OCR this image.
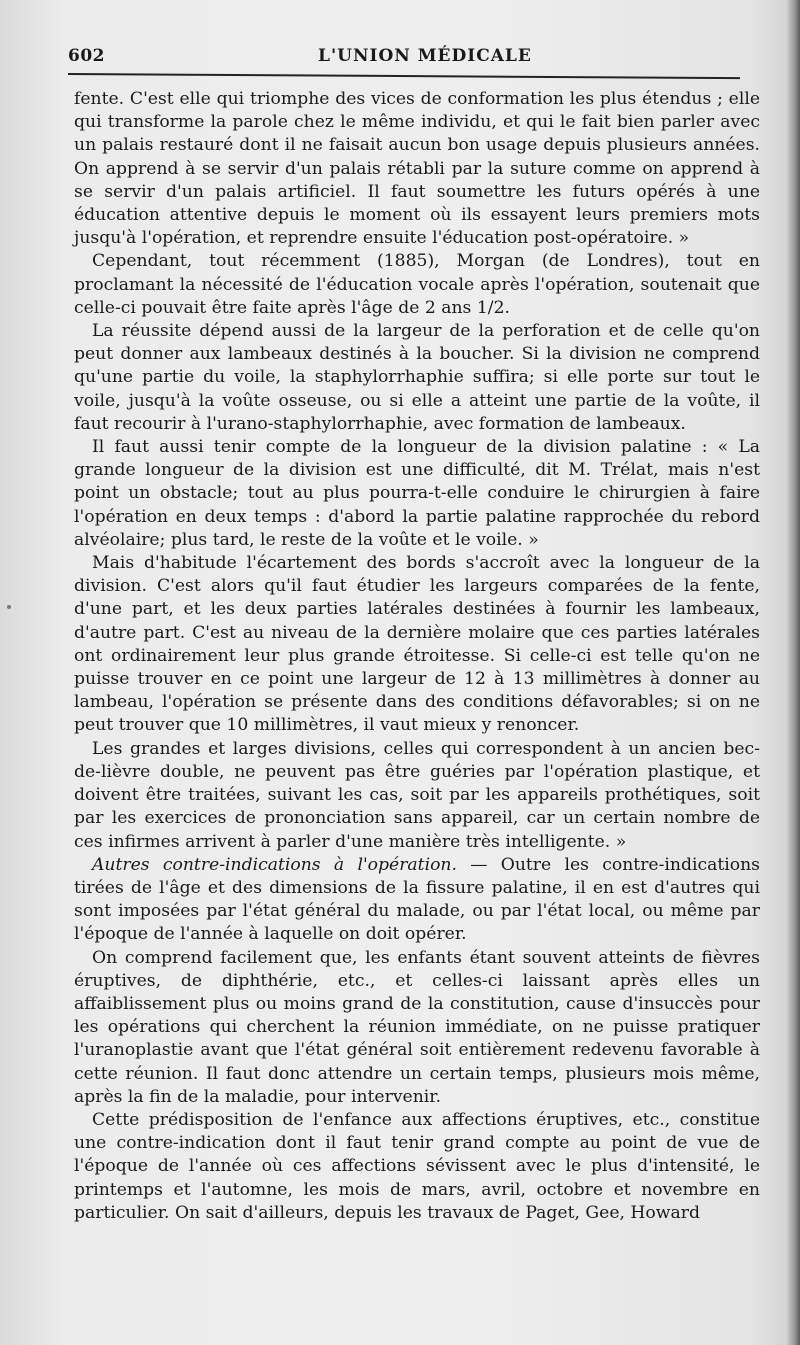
602	L'UNION MÉDICALE

fente. C'est elle qui triomphe des vices de conformation les plus étendus ; elle qui transforme la parole chez le même individu, et qui le fait bien parler avec un palais restauré dont il ne faisait aucun bon usage depuis plusieurs années. On apprend à se servir d'un palais rétabli par la suture comme on apprend à se servir d'un palais artificiel. Il faut soumettre les futurs opérés à une éducation attentive depuis le moment où ils essayent leurs premiers mots jusqu'à l'opération, et reprendre ensuite l'éducation post-opératoire. »

Cependant, tout récemment (1885), Morgan (de Londres), tout en proclamant la nécessité de l'éducation vocale après l'opération, soutenait que celle-ci pouvait être faite après l'âge de 2 ans 1/2.

La réussite dépend aussi de la largeur de la perforation et de celle qu'on peut donner aux lambeaux destinés à la boucher. Si la division ne comprend qu'une partie du voile, la staphylorrhaphie suffira; si elle porte sur tout le voile, jusqu'à la voûte osseuse, ou si elle a atteint une partie de la voûte, il faut recourir à l'urano-staphylorrhaphie, avec formation de lambeaux.

Il faut aussi tenir compte de la longueur de la division palatine : « La grande longueur de la division est une difficulté, dit M. Trélat, mais n'est point un obstacle; tout au plus pourra-t-elle conduire le chirurgien à faire l'opération en deux temps : d'abord la partie palatine rapprochée du rebord alvéolaire; plus tard, le reste de la voûte et le voile. »

Mais d'habitude l'écartement des bords s'accroît avec la longueur de la division. C'est alors qu'il faut étudier les largeurs comparées de la fente, d'une part, et les deux parties latérales destinées à fournir les lambeaux, d'autre part. C'est au niveau de la dernière molaire que ces parties latérales ont ordinairement leur plus grande étroitesse. Si celle-ci est telle qu'on ne puisse trouver en ce point une largeur de 12 à 13 millimètres à donner au lambeau, l'opération se présente dans des conditions défavorables; si on ne peut trouver que 10 millimètres, il vaut mieux y renoncer.

Les grandes et larges divisions, celles qui correspondent à un ancien bec-de-lièvre double, ne peuvent pas être guéries par l'opération plastique, et doivent être traitées, suivant les cas, soit par les appareils prothétiques, soit par les exercices de prononciation sans appareil, car un certain nombre de ces infirmes arrivent à parler d'une manière très intelligente. »

Autres contre-indications à l'opération. — Outre les contre-indications tirées de l'âge et des dimensions de la fissure palatine, il en est d'autres qui sont imposées par l'état général du malade, ou par l'état local, ou même par l'époque de l'année à laquelle on doit opérer.

On comprend facilement que, les enfants étant souvent atteints de fièvres éruptives, de diphthérie, etc., et celles-ci laissant après elles un affaiblissement plus ou moins grand de la constitution, cause d'insuccès pour les opérations qui cherchent la réunion immédiate, on ne puisse pratiquer l'uranoplastie avant que l'état général soit entièrement redevenu favorable à cette réunion. Il faut donc attendre un certain temps, plusieurs mois même, après la fin de la maladie, pour intervenir.

Cette prédisposition de l'enfance aux affections éruptives, etc., constitue une contre-indication dont il faut tenir grand compte au point de vue de l'époque de l'année où ces affections sévissent avec le plus d'intensité, le printemps et l'automne, les mois de mars, avril, octobre et novembre en particulier. On sait d'ailleurs, depuis les travaux de Paget, Gee, Howard
